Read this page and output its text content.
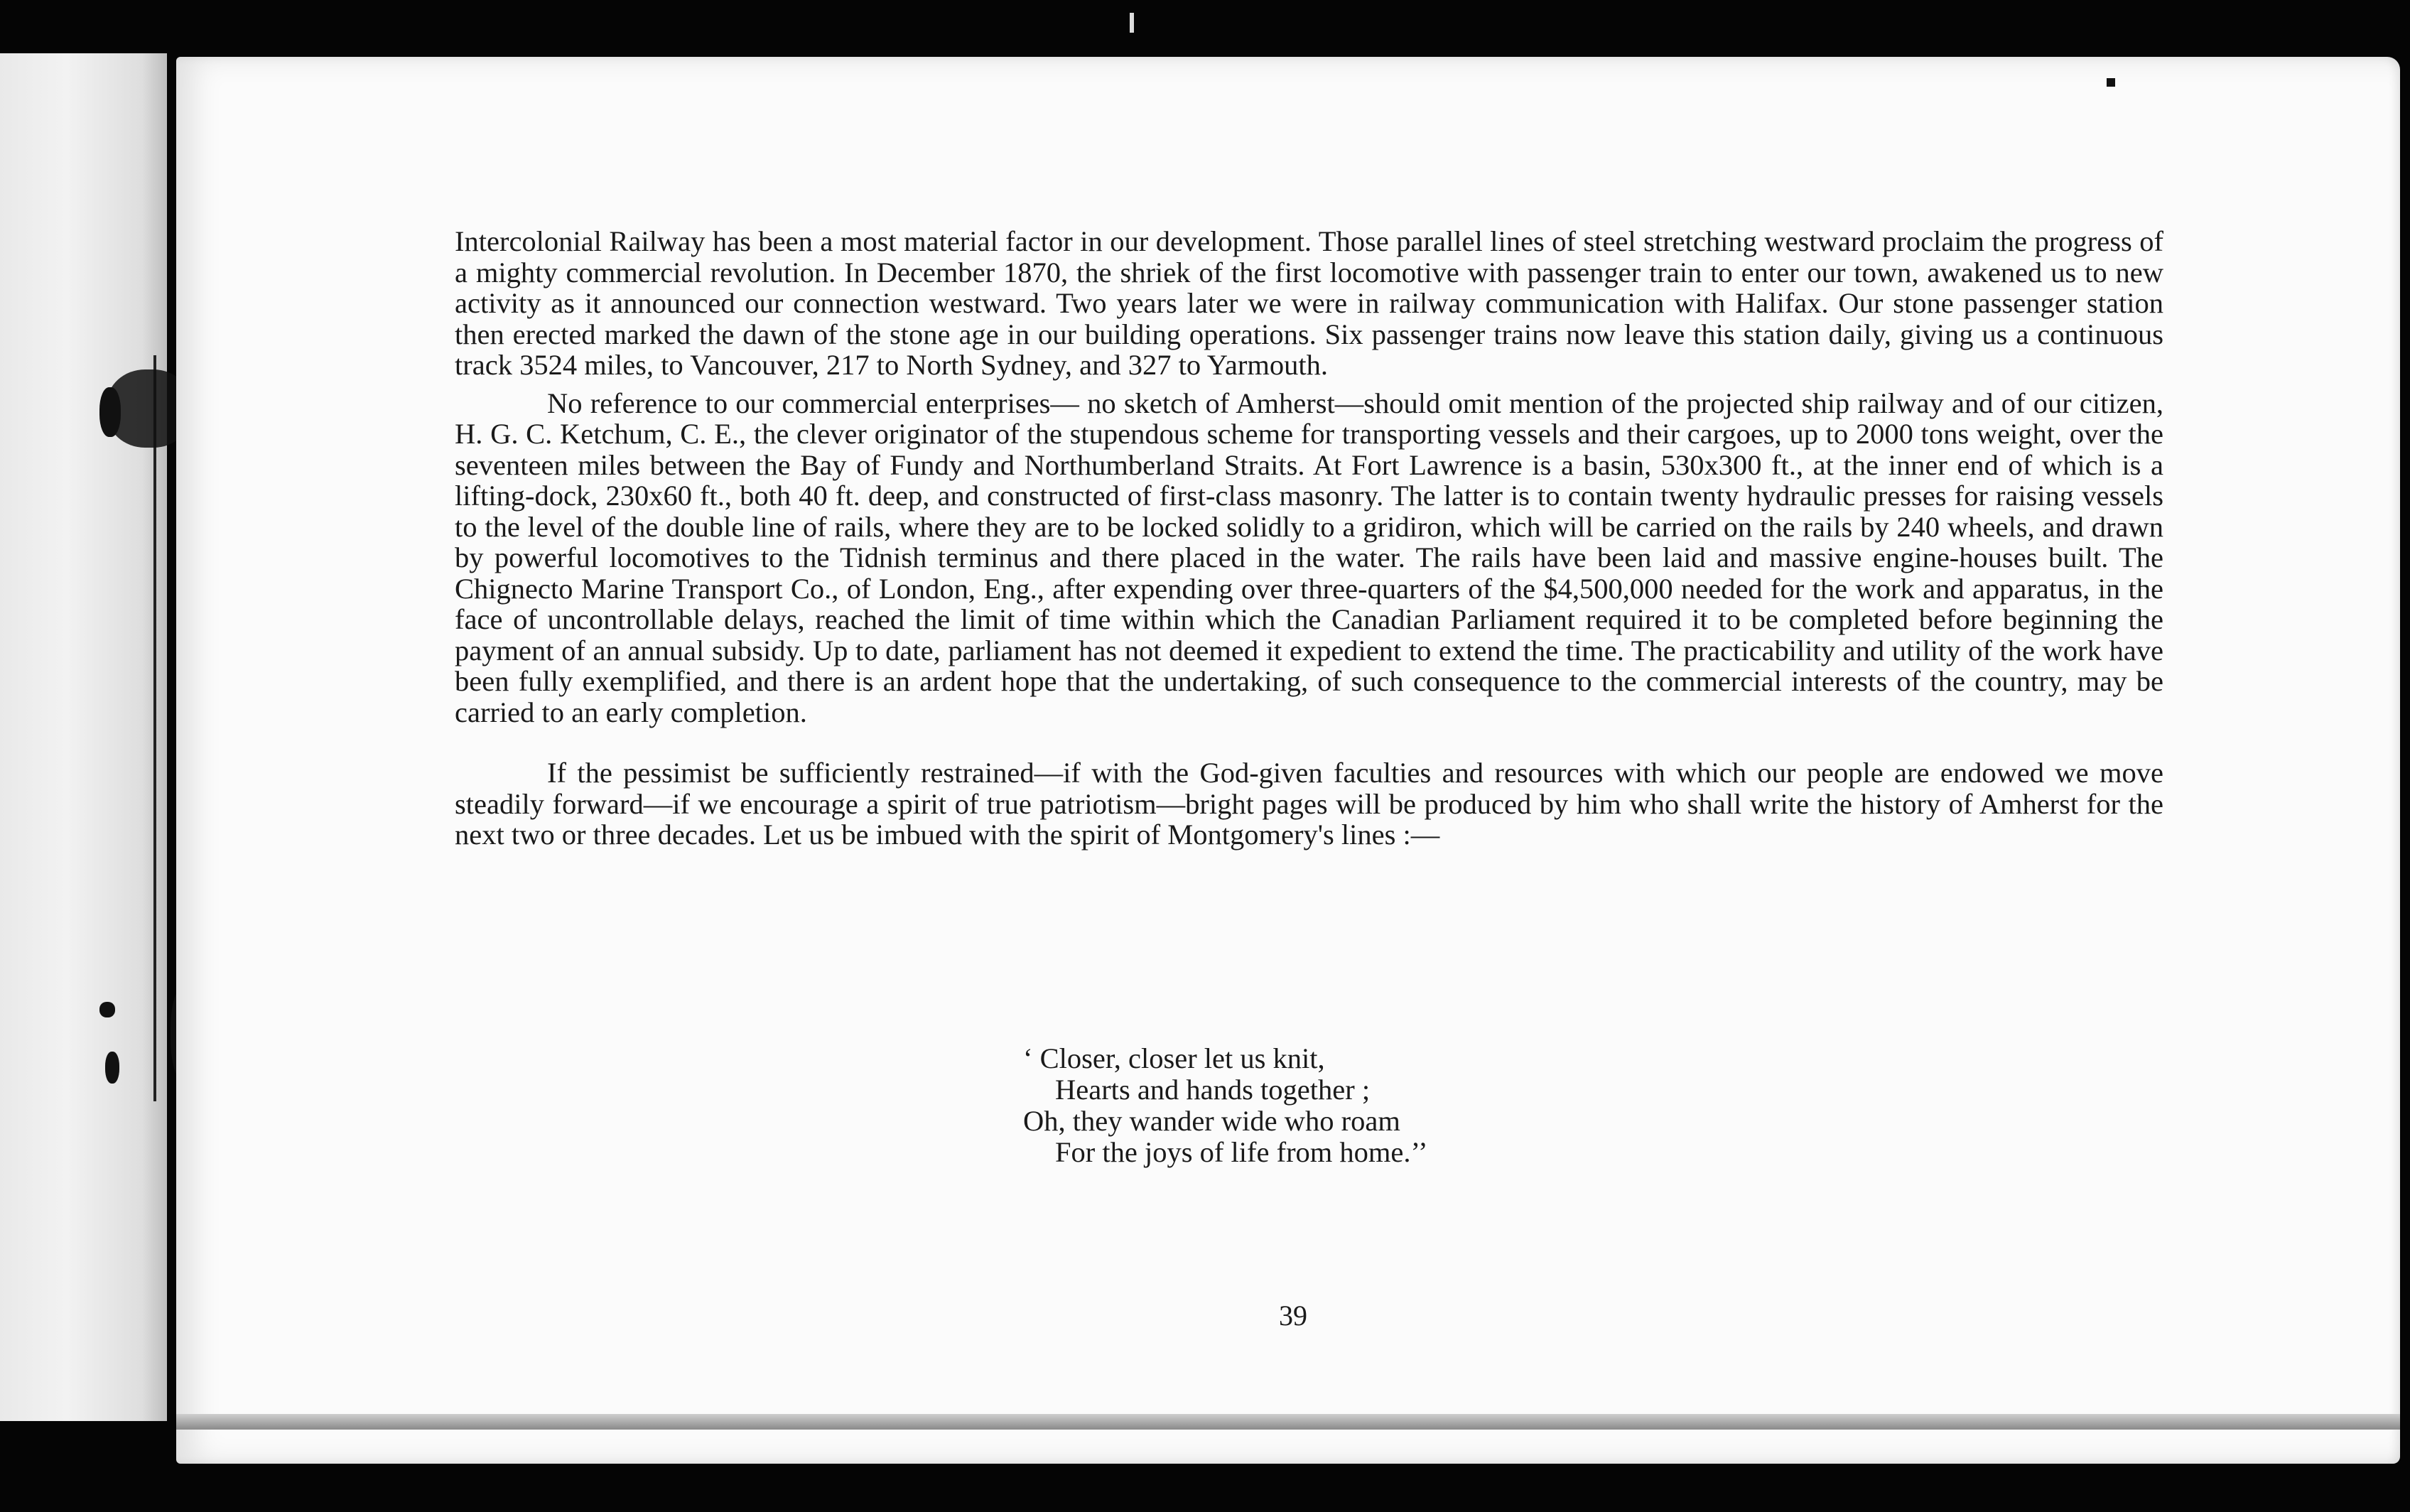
Intercolonial Railway has been a most material factor in our development. Those parallel lines of steel stretching westward proclaim the progress of a mighty commercial revolution. In December 1870, the shriek of the first locomotive with passenger train to enter our town, awakened us to new activity as it announced our connection westward. Two years later we were in railway communication with Halifax. Our stone passenger station then erected marked the dawn of the stone age in our building operations. Six passenger trains now leave this station daily, giving us a continuous track 3524 miles, to Vancouver, 217 to North Sydney, and 327 to Yarmouth.

No reference to our commercial enterprises— no sketch of Amherst—should omit mention of the projected ship railway and of our citizen, H. G. C. Ketchum, C. E., the clever originator of the stupendous scheme for transporting vessels and their cargoes, up to 2000 tons weight, over the seventeen miles between the Bay of Fundy and Northumberland Straits. At Fort Lawrence is a basin, 530x300 ft., at the inner end of which is a lifting-dock, 230x60 ft., both 40 ft. deep, and constructed of first-class masonry. The latter is to contain twenty hydraulic presses for raising vessels to the level of the double line of rails, where they are to be locked solidly to a gridiron, which will be carried on the rails by 240 wheels, and drawn by powerful locomotives to the Tidnish terminus and there placed in the water. The rails have been laid and massive engine-houses built. The Chignecto Marine Transport Co., of London, Eng., after expending over three-quarters of the $4,500,000 needed for the work and apparatus, in the face of uncontrollable delays, reached the limit of time within which the Canadian Parliament required it to be completed before beginning the payment of an annual subsidy. Up to date, parliament has not deemed it expedient to extend the time. The practicability and utility of the work have been fully exemplified, and there is an ardent hope that the undertaking, of such consequence to the commercial interests of the country, may be carried to an early completion.

If the pessimist be sufficiently restrained—if with the God-given faculties and resources with which our people are endowed we move steadily forward—if we encourage a spirit of true patriotism—bright pages will be produced by him who shall write the history of Amherst for the next two or three decades. Let us be imbued with the spirit of Montgomery's lines :—

‘ Closer, closer let us knit,
Hearts and hands together ;
Oh, they wander wide who roam
For the joys of life from home.’’
39
